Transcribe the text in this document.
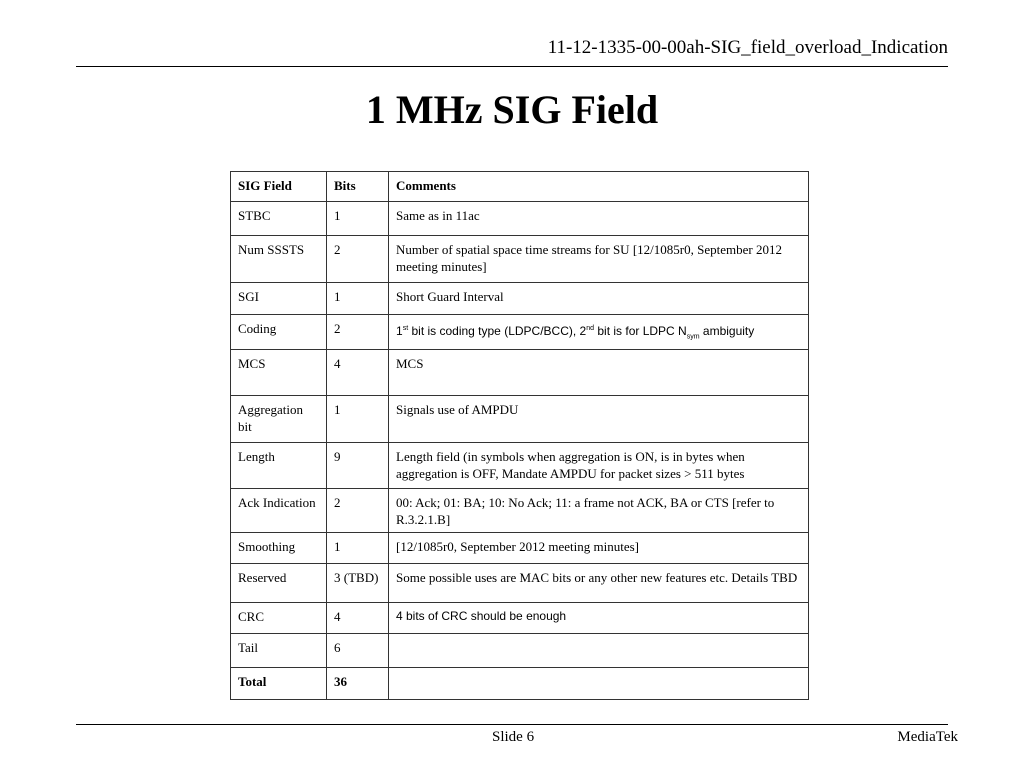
11-12-1335-00-00ah-SIG_field_overload_Indication
1 MHz SIG Field
SIG Field	Bits	Comments
STBC	1	Same as in 11ac
Num SSSTS	2	Number of spatial space time streams for SU [12/1085r0, September 2012 meeting minutes]
SGI	1	Short Guard Interval
Coding	2	1st bit is coding type (LDPC/BCC), 2nd bit is for LDPC $N_{sym}$ ambiguity
MCS	4	MCS
Aggregation bit	1	Signals use of AMPDU
Length	9	Length field (in symbols when aggregation is ON, is in bytes when aggregation is OFF, Mandate AMPDU for packet sizes > 511 bytes
Ack Indication	2	00: Ack; 01: BA; 10: No Ack; 11: a frame not ACK, BA or CTS [refer to R.3.2.1.B]
Smoothing	1	[12/1085r0, September 2012 meeting minutes]
Reserved	3 (TBD)	Some possible uses are MAC bits or any other new features etc. Details TBD
CRC	4	4 bits of CRC should be enough
Tail	6	
Total	36	
Slide 6	MediaTek
